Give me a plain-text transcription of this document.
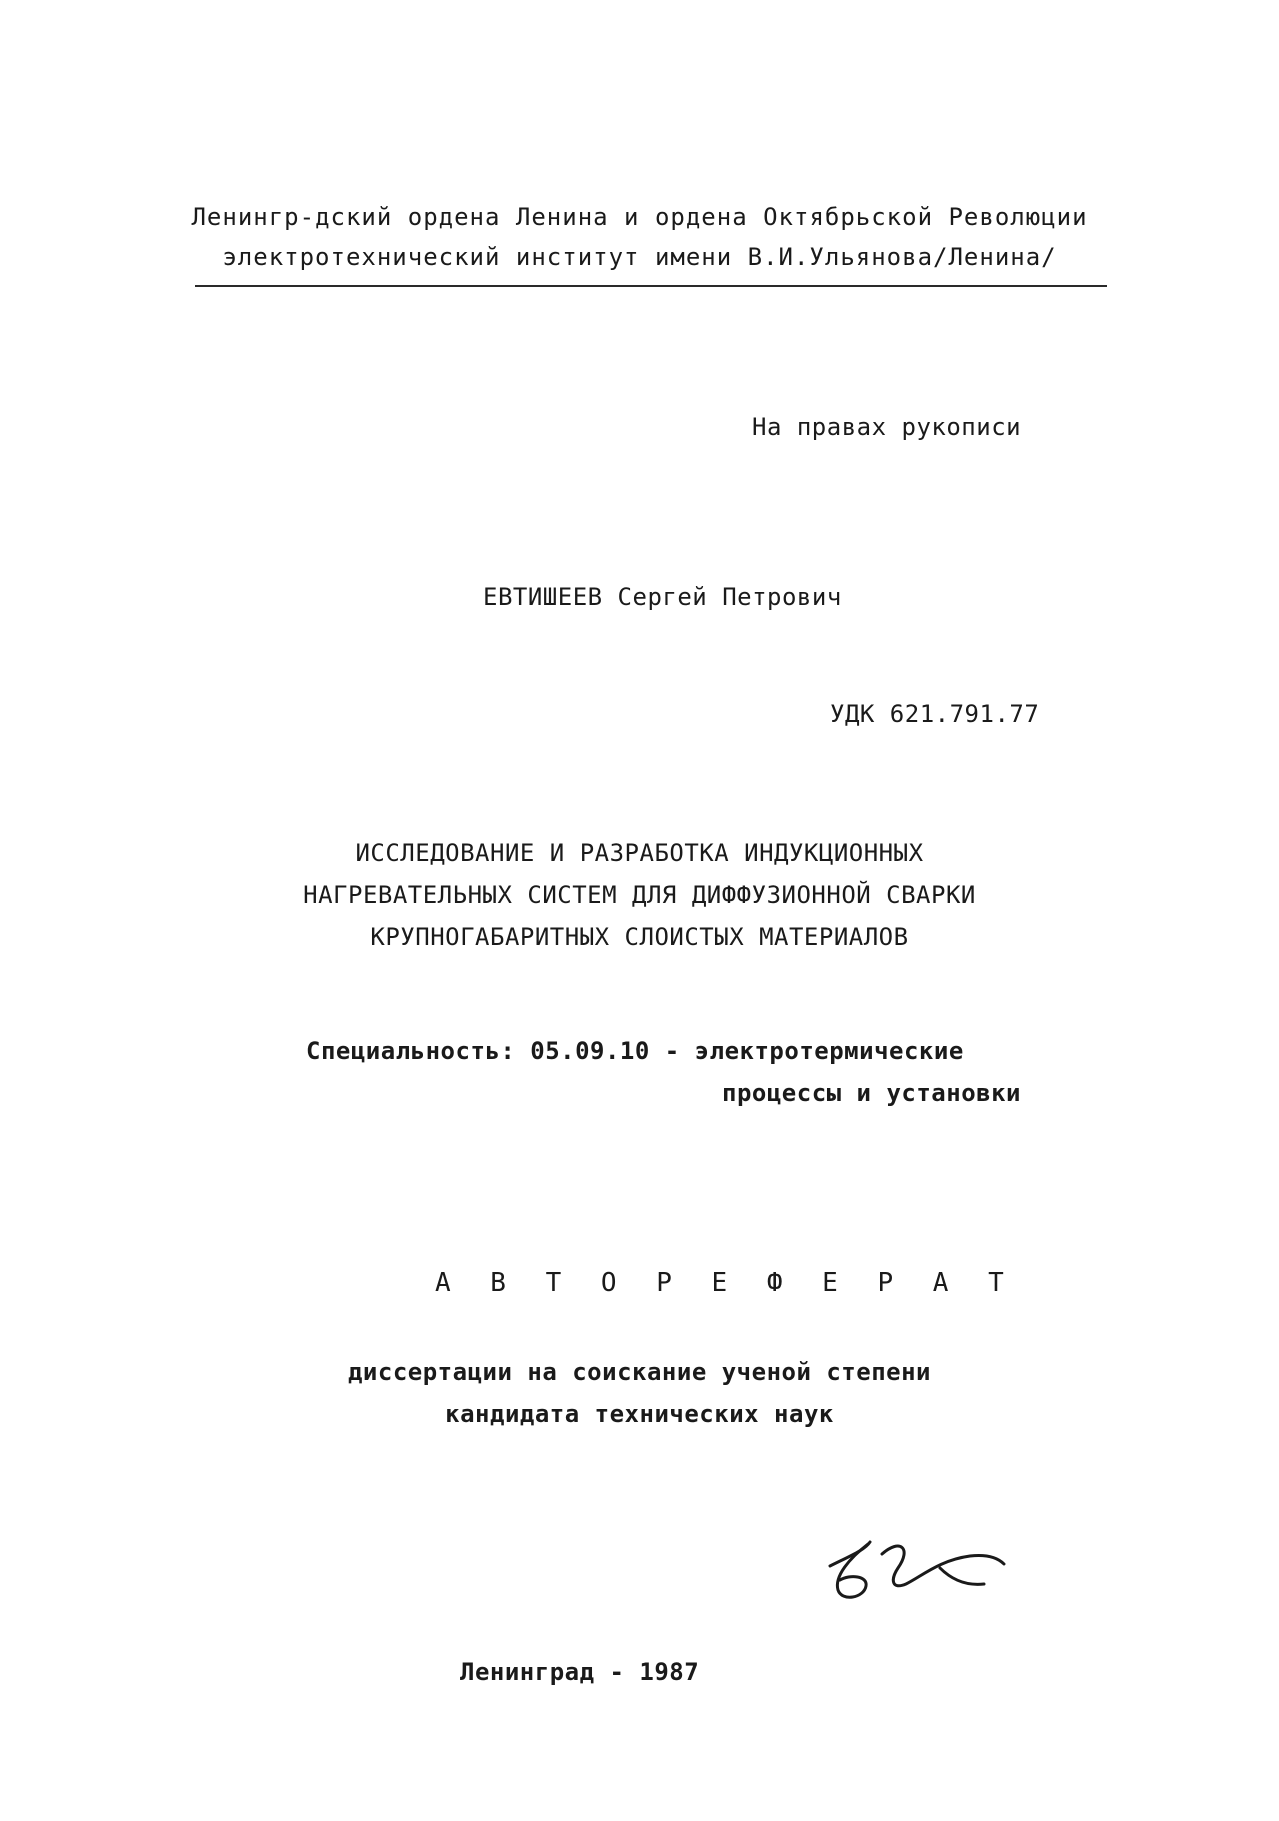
Ленингр-дский ордена Ленина и ордена Октябрьской Революции
электротехнический институт имени В.И.Ульянова/Ленина/
На правах рукописи
ЕВТИШЕЕВ Сергей Петрович
УДК 621.791.77
ИССЛЕДОВАНИЕ И РАЗРАБОТКА ИНДУКЦИОННЫХ
НАГРЕВАТЕЛЬНЫХ СИСТЕМ ДЛЯ ДИФФУЗИОННОЙ СВАРКИ
КРУПНОГАБАРИТНЫХ СЛОИСТЫХ МАТЕРИАЛОВ
Специальность: 05.09.10 - электротермические
процессы и установки
А В Т О Р Е Ф Е Р А Т
диссертации на соискание ученой степени
кандидата технических наук
Ленинград - 1987
